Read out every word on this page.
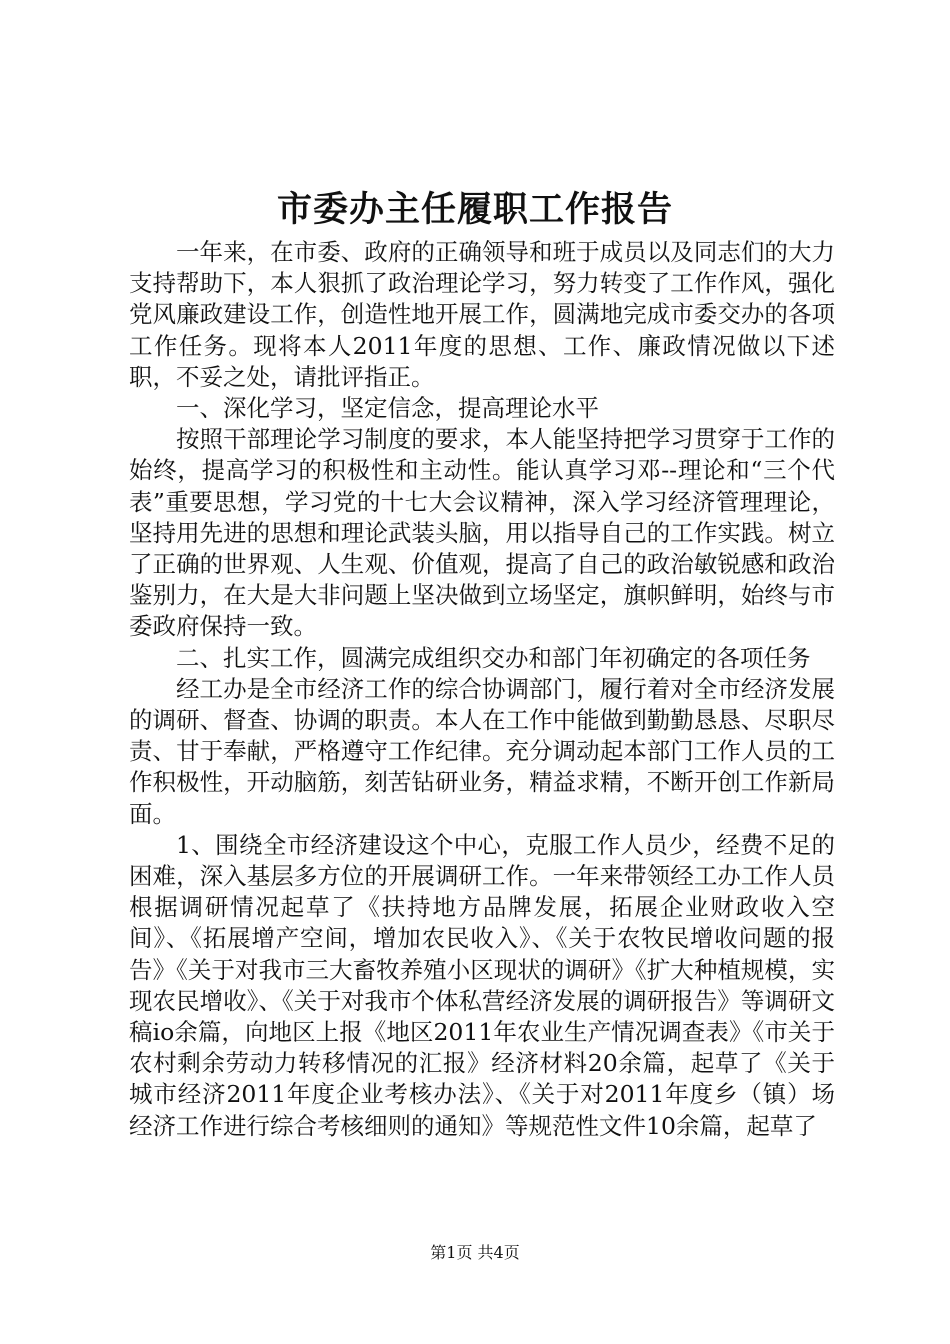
市委办主任履职工作报告

一年来，在市委、政府的正确领导和班于成员以及同志们的大力支持帮助下，本人狠抓了政治理论学习，努力转变了工作作风，强化党风廉政建设工作，创造性地开展工作，圆满地完成市委交办的各项工作任务。现将本人2011年度的思想、工作、廉政情况做以下述职，不妥之处，请批评指正。

一、深化学习，坚定信念，提高理论水平

按照干部理论学习制度的要求，本人能坚持把学习贯穿于工作的始终，提高学习的积极性和主动性。能认真学习邓--理论和“三个代表”重要思想，学习党的十七大会议精神，深入学习经济管理理论，坚持用先进的思想和理论武装头脑，用以指导自己的工作实践。树立了正确的世界观、人生观、价值观，提高了自己的政治敏锐感和政治鉴别力，在大是大非问题上坚决做到立场坚定，旗帜鲜明，始终与市委政府保持一致。

二、扎实工作，圆满完成组织交办和部门年初确定的各项任务

经工办是全市经济工作的综合协调部门，履行着对全市经济发展的调研、督查、协调的职责。本人在工作中能做到勤勤恳恳、尽职尽责、甘于奉献，严格遵守工作纪律。充分调动起本部门工作人员的工作积极性，开动脑筋，刻苦钻研业务，精益求精，不断开创工作新局面。

1、围绕全市经济建设这个中心，克服工作人员少，经费不足的困难，深入基层多方位的开展调研工作。一年来带领经工办工作人员根据调研情况起草了《扶持地方品牌发展，拓展企业财政收入空间》、《拓展增产空间，增加农民收入》、《关于农牧民增收问题的报告》《关于对我市三大畜牧养殖小区现状的调研》《扩大种植规模，实现农民增收》、《关于对我市个体私营经济发展的调研报告》等调研文稿io余篇，向地区上报《地区2011年农业生产情况调查表》《市关于农村剩余劳动力转移情况的汇报》经济材料20余篇，起草了《关于城市经济2011年度企业考核办法》、《关于对2011年度乡（镇）场经济工作进行综合考核细则的通知》等规范性文件10余篇，起草了

第1页 共4页
